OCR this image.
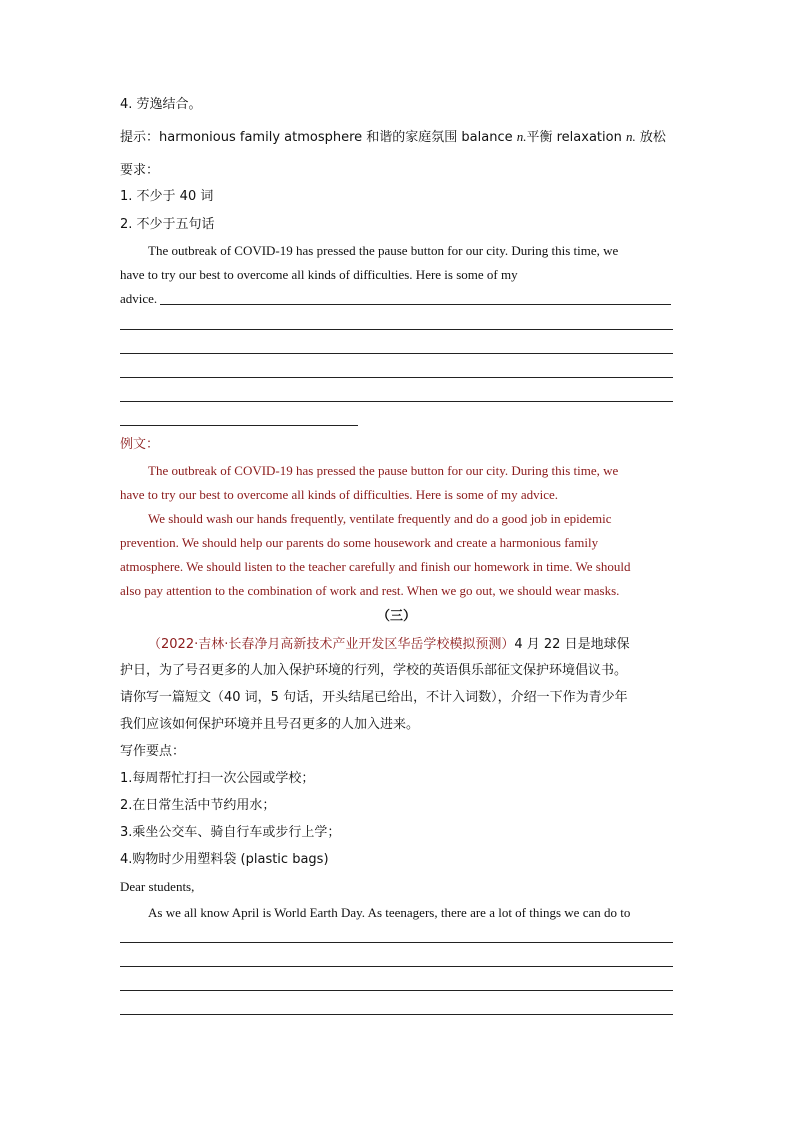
4. 劳逸结合。
提示：harmonious family atmosphere 和谐的家庭氛围 balance n.平衡 relaxation n. 放松
要求：
1. 不少于 40 词
2. 不少于五句话
The outbreak of COVID-19 has pressed the pause button for our city. During this time, we
have to try our best to overcome all kinds of difficulties. Here is some of my
advice.
例文：
The outbreak of COVID-19 has pressed the pause button for our city. During this time, we
have to try our best to overcome all kinds of difficulties. Here is some of my advice.
We should wash our hands frequently, ventilate frequently and do a good job in epidemic
prevention. We should help our parents do some housework and create a harmonious family
atmosphere. We should listen to the teacher carefully and finish our homework in time. We should
also pay attention to the combination of work and rest. When we go out, we should wear masks.
（三）
（2022·吉林·长春净月高新技术产业开发区华岳学校模拟预测）4 月 22 日是地球保
护日，为了号召更多的人加入保护环境的行列，学校的英语俱乐部征文保护环境倡议书。
请你写一篇短文（40 词，5 句话，开头结尾已给出，不计入词数），介绍一下作为青少年
我们应该如何保护环境并且号召更多的人加入进来。
写作要点：
1.每周帮忙打扫一次公园或学校；
2.在日常生活中节约用水；
3.乘坐公交车、骑自行车或步行上学；
4.购物时少用塑料袋 (plastic bags)
Dear students,
As we all know April is World Earth Day. As teenagers, there are a lot of things we can do to
